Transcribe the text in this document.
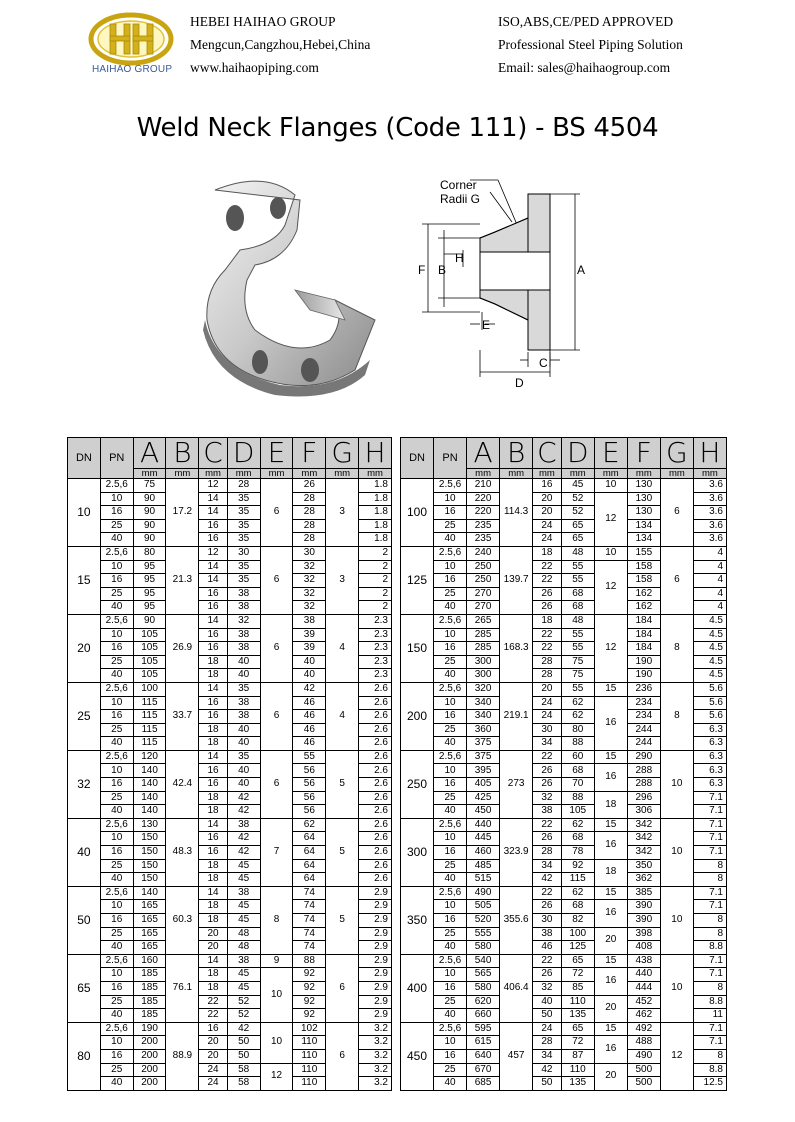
HAIHAO GROUP
HEBEI HAIHAO GROUP
Mengcun,Cangzhou,Hebei,China
www.haihaopiping.com
ISO,ABS,CE/PED APPROVED
Professional Steel Piping Solution
Email: sales@haihaogroup.com
Weld Neck Flanges (Code 111) - BS 4504
Corner
Radii G
F B
H
A
E
C
D
DN	PN	A	B	C	D	E	F	G	H
		mm	mm	mm	mm	mm	mm	mm	mm
10	2.5,6	75	17.2	12	28	6	26	3	1.8
	10	90		14	35		28		1.8
	16	90		14	35		28		1.8
	25	90		16	35		28		1.8
	40	90		16	35		28		1.8
15	2.5,6	80	21.3	12	30	6	30	3	2
	10	95		14	35		32		2
	16	95		14	35		32		2
	25	95		16	38		32		2
	40	95		16	38		32		2
20	2.5,6	90	26.9	14	32	6	38	4	2.3
	10	105		16	38		39		2.3
	16	105		16	38		39		2.3
	25	105		18	40		40		2.3
	40	105		18	40		40		2.3
25	2.5,6	100	33.7	14	35	6	42	4	2.6
	10	115		16	38		46		2.6
	16	115		16	38		46		2.6
	25	115		18	40		46		2.6
	40	115		18	40		46		2.6
32	2.5,6	120	42.4	14	35	6	55	5	2.6
	10	140		16	40		56		2.6
	16	140		16	40		56		2.6
	25	140		18	42		56		2.6
	40	140		18	42		56		2.6
40	2.5,6	130	48.3	14	38	7	62	5	2.6
	10	150		16	42		64		2.6
	16	150		16	42		64		2.6
	25	150		18	45		64		2.6
	40	150		18	45		64		2.6
50	2.5,6	140	60.3	14	38	8	74	5	2.9
	10	165		18	45		74		2.9
	16	165		18	45		74		2.9
	25	165		20	48		74		2.9
	40	165		20	48		74		2.9
65	2.5,6	160	76.1	14	38	9	88	6	2.9
	10	185		18	45	10	92		2.9
	16	185		18	45		92		2.9
	25	185		22	52		92		2.9
	40	185		22	52		92		2.9
80	2.5,6	190	88.9	16	42	10	102	6	3.2
	10	200		20	50		110		3.2
	16	200		20	50		110		3.2
	25	200		24	58	12	110		3.2
	40	200		24	58		110		3.2
DN	PN	A	B	C	D	E	F	G	H
		mm	mm	mm	mm	mm	mm	mm	mm
100	2.5,6	210	114.3	16	45	10	130	6	3.6
	10	220		20	52	12	130		3.6
	16	220		20	52		130		3.6
	25	235		24	65		134		3.6
	40	235		24	65		134		3.6
125	2.5,6	240	139.7	18	48	10	155	6	4
	10	250		22	55	12	158		4
	16	250		22	55		158		4
	25	270		26	68		162		4
	40	270		26	68		162		4
150	2.5,6	265	168.3	18	48	12	184	8	4.5
	10	285		22	55		184		4.5
	16	285		22	55		184		4.5
	25	300		28	75		190		4.5
	40	300		28	75		190		4.5
200	2.5,6	320	219.1	20	55	15	236	8	5.6
	10	340		24	62	16	234		5.6
	16	340		24	62		234		5.6
	25	360		30	80		244		6.3
	40	375		34	88		244		6.3
250	2.5,6	375	273	22	60	15	290	10	6.3
	10	395		26	68	16	288		6.3
	16	405		26	70		288		6.3
	25	425		32	88	18	296		7.1
	40	450		38	105		306		7.1
300	2.5,6	440	323.9	22	62	15	342	10	7.1
	10	445		26	68	16	342		7.1
	16	460		28	78		342		7.1
	25	485		34	92	18	350		8
	40	515		42	115		362		8
350	2.5,6	490	355.6	22	62	15	385	10	7.1
	10	505		26	68	16	390		7.1
	16	520		30	82		390		8
	25	555		38	100	20	398		8
	40	580		46	125		408		8.8
400	2.5,6	540	406.4	22	65	15	438	10	7.1
	10	565		26	72	16	440		7.1
	16	580		32	85		444		8
	25	620		40	110	20	452		8.8
	40	660		50	135		462		11
450	2.5,6	595	457	24	65	15	492	12	7.1
	10	615		28	72	16	488		7.1
	16	640		34	87		490		8
	25	670		42	110	20	500		8.8
	40	685		50	135		500		12.5
